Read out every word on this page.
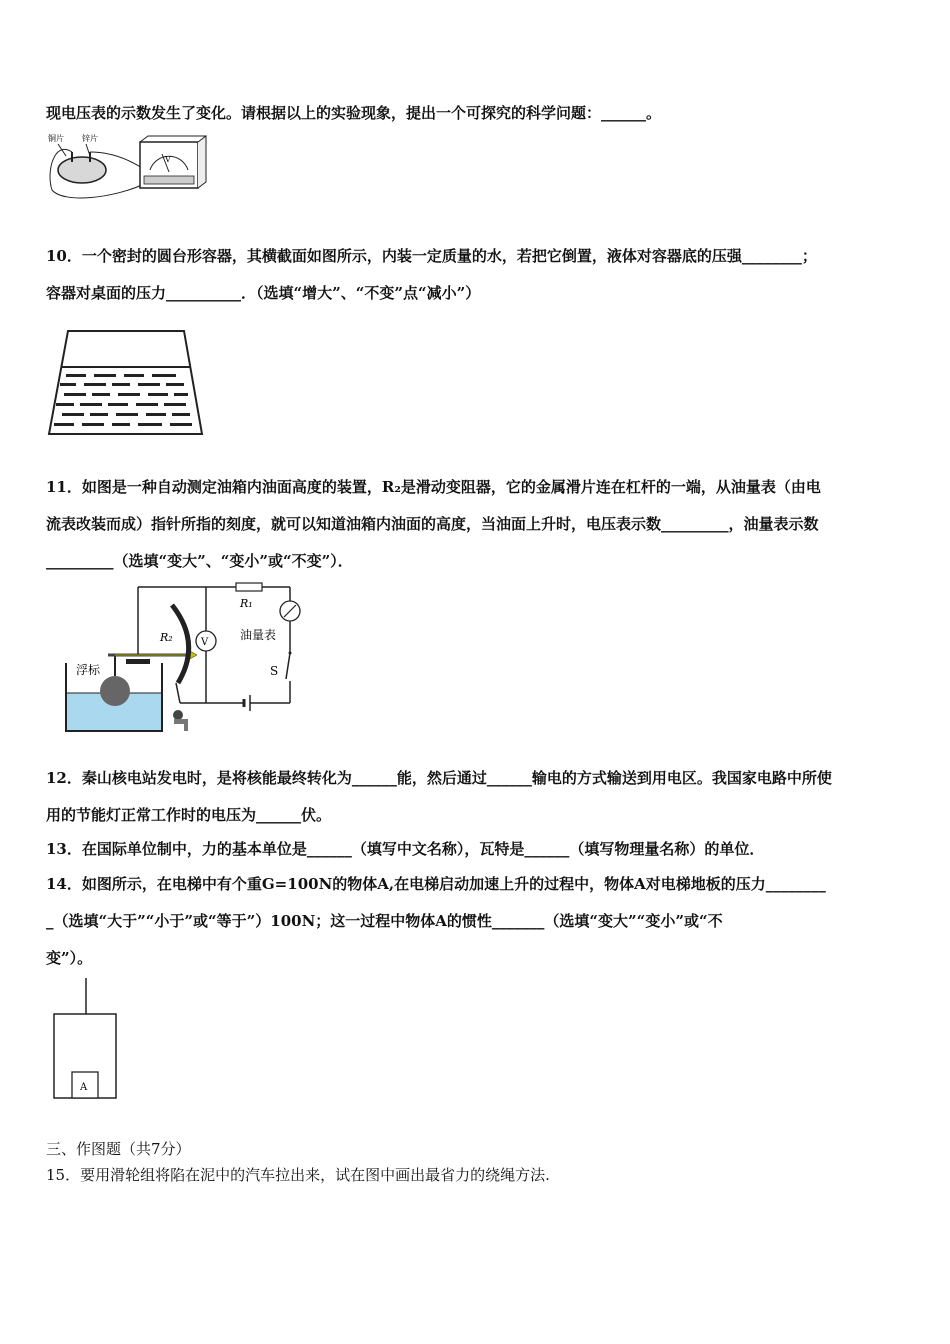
现电压表的示数发生了变化。请根据以上的实验现象，提出一个可探究的科学问题：______。
铜片 锌片
V
10．一个密封的圆台形容器，其横截面如图所示，内装一定质量的水，若把它倒置，液体对容器底的压强________；
容器对桌面的压力__________．（选填“增大”、“不变”点“减小”）
11．如图是一种自动测定油箱内油面高度的装置，R₂是滑动变阻器，它的金属滑片连在杠杆的一端，从油量表（由电
流表改装而成）指针所指的刻度，就可以知道油箱内油面的高度，当油面上升时，电压表示数_________，油量表示数
_________（选填“变大”、“变小”或“不变”）．
浮标
R₂
R₁
油量表
S
V
12．秦山核电站发电时，是将核能最终转化为______能，然后通过______输电的方式输送到用电区。我国家电路中所使
用的节能灯正常工作时的电压为______伏。
13．在国际单位制中，力的基本单位是______（填写中文名称），瓦特是______（填写物理量名称）的单位．
14．如图所示，在电梯中有个重G=100N的物体A,在电梯启动加速上升的过程中，物体A对电梯地板的压力________
_（选填“大于”“小于”或“等于”）100N；这一过程中物体A的惯性_______（选填“变大”“变小”或“不
变”）。
A
三、作图题（共7分）
15．要用滑轮组将陷在泥中的汽车拉出来，试在图中画出最省力的绕绳方法.
